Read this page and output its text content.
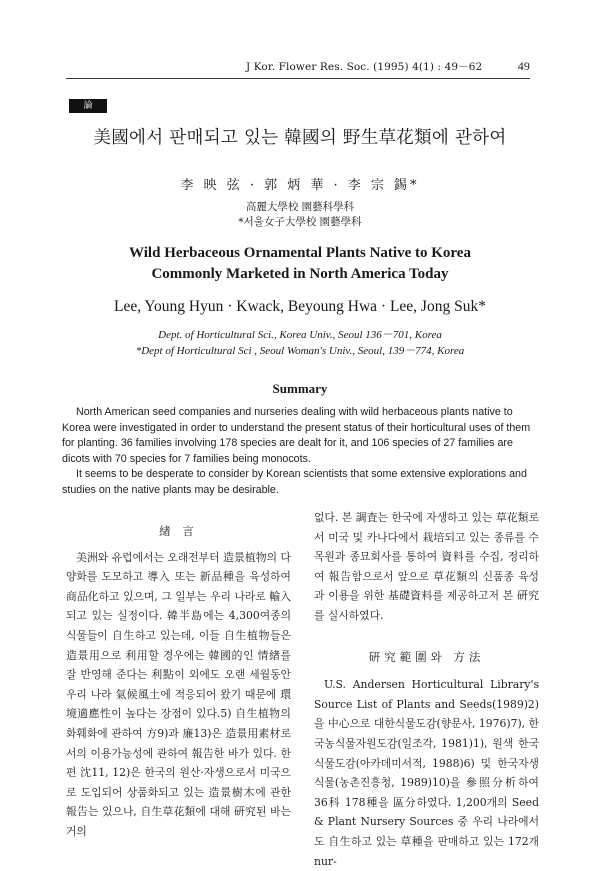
J Kor. Flower Res. Soc. (1995) 4(1) : 49－62	49
論 文
美國에서 판매되고 있는 韓國의 野生草花類에 관하여
李 映 弦 · 郭 炳 華 · 李 宗 錫*
高麗大學校 園藝科學科
*서울女子大學校 園藝學科
Wild Herbaceous Ornamental Plants Native to Korea
Commonly Marketed in North America Today
Lee, Young Hyun · Kwack, Beyoung Hwa · Lee, Jong Suk*
Dept. of Horticultural Sci., Korea Univ., Seoul 136－701, Korea
*Dept of Horticultural Sci , Seoul Woman's Univ., Seoul, 139－774, Korea
Summary

North American seed companies and nurseries dealing with wild herbaceous plants native to Korea were investigated in order to understand the present status of their horticultural uses of them for planting. 36 families involving 178 species are dealt for it, and 106 species of 27 families are dicots with 70 species for 7 families being monocots.

It seems to be desperate to consider by Korean scientists that some extensive explorations and studies on the native plants may be desirable.

緖 言

美洲와 유럽에서는 오래전부터 造景植物의 다양화를 도모하고 導入 또는 新品種을 육성하여 商品化하고 있으며, 그 일부는 우리 나라로 輸入되고 있는 실정이다. 韓半島에는 4,300여종의 식물들이 自生하고 있는데, 이들 自生植物들은 造景用으로 利用할 경우에는 韓國的인 情緖를 잘 반영해 준다는 利點이 외에도 오랜 세월동안 우리 나라 氣候風土에 적응되어 왔기 때문에 環境適應性이 높다는 장점이 있다.5) 自生植物의 화훼화에 관하여 方9)과 廉13)은 造景用素材로서의 이용가능성에 관하여 報告한 바가 있다. 한편 沈11, 12)은 한국의 원산·자생으로서 미국으로 도입되어 상품화되고 있는 造景樹木에 관한 報告는 있으나, 自生草花類에 대해 硏究된 바는 거의

없다. 본 調査는 한국에 자생하고 있는 草花類로서 미국 및 카나다에서 栽培되고 있는 종류를 수목원과 종묘회사를 통하여 資料를 수집, 정리하여 報告함으로서 앞으로 草花類의 신품종 육성과 이용을 위한 基礎資料를 제공하고저 본 硏究를 실시하였다.

硏究範圍와 方法

U.S. Andersen Horticultural Library's Source List of Plants and Seeds(1989)2)을 中心으로 대한식물도감(향문사, 1976)7), 한국농식물자원도감(일조각, 1981)1), 원색 한국식물도감(아카데미서적, 1988)6) 및 한국자생식물(농촌진흥청, 1989)10)을 參照分析하여 36科 178種을 區分하였다. 1,200개의 Seed & Plant Nursery Sources 중 우리 나라에서도 自生하고 있는 草種을 판매하고 있는 172개 nur-
